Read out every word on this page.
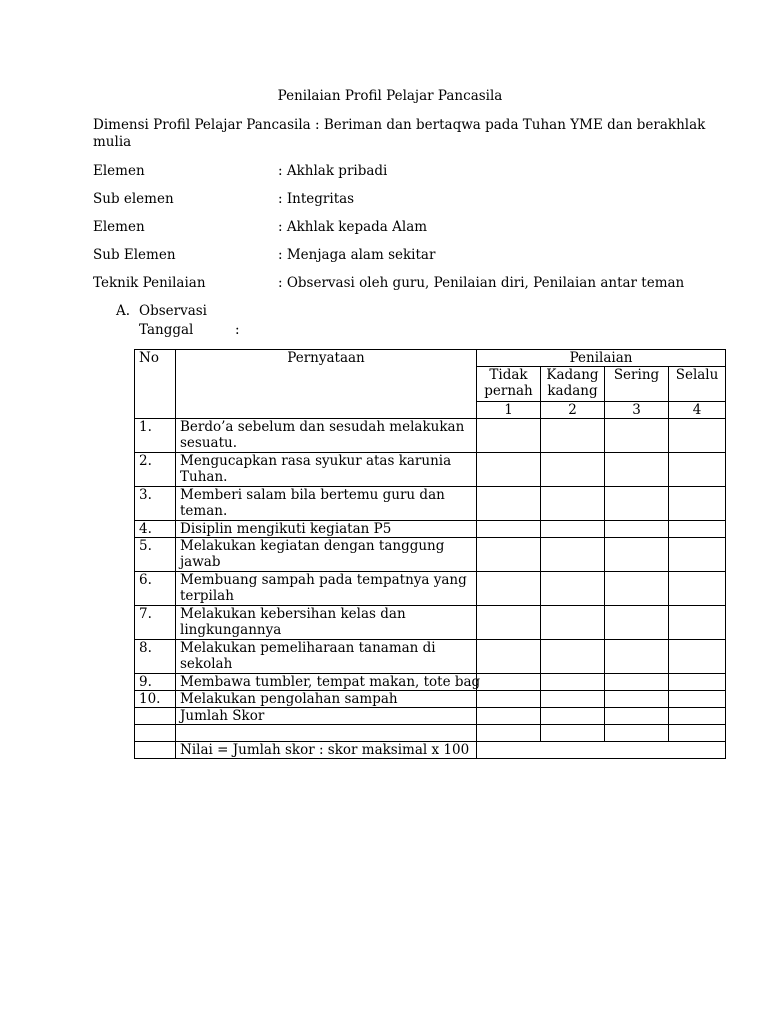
Penilaian Profil Pelajar Pancasila
Dimensi Profil Pelajar Pancasila : Beriman dan bertaqwa pada Tuhan YME dan berakhlak mulia
Elemen	: Akhlak pribadi
Sub elemen	: Integritas
Elemen	: Akhlak kepada Alam
Sub Elemen	: Menjaga alam sekitar
Teknik Penilaian	: Observasi oleh guru, Penilaian diri, Penilaian antar teman
A. Observasi
Tanggal	:
No	Pernyataan	Penilaian			
		Tidak pernah	Kadang kadang	Sering	Selalu
		1	2	3	4
1.	Berdo’a sebelum dan sesudah melakukan sesuatu.				
2.	Mengucapkan rasa syukur atas karunia Tuhan.				
3.	Memberi salam bila bertemu guru dan teman.				
4.	Disiplin mengikuti kegiatan P5				
5.	Melakukan kegiatan dengan tanggung jawab				
6.	Membuang sampah pada tempatnya yang terpilah				
7.	Melakukan kebersihan kelas dan lingkungannya				
8.	Melakukan pemeliharaan tanaman di sekolah				
9.	Membawa tumbler, tempat makan, tote bag				
10.	Melakukan pengolahan sampah				
	Jumlah Skor				

	Nilai = Jumlah skor : skor maksimal x 100				
